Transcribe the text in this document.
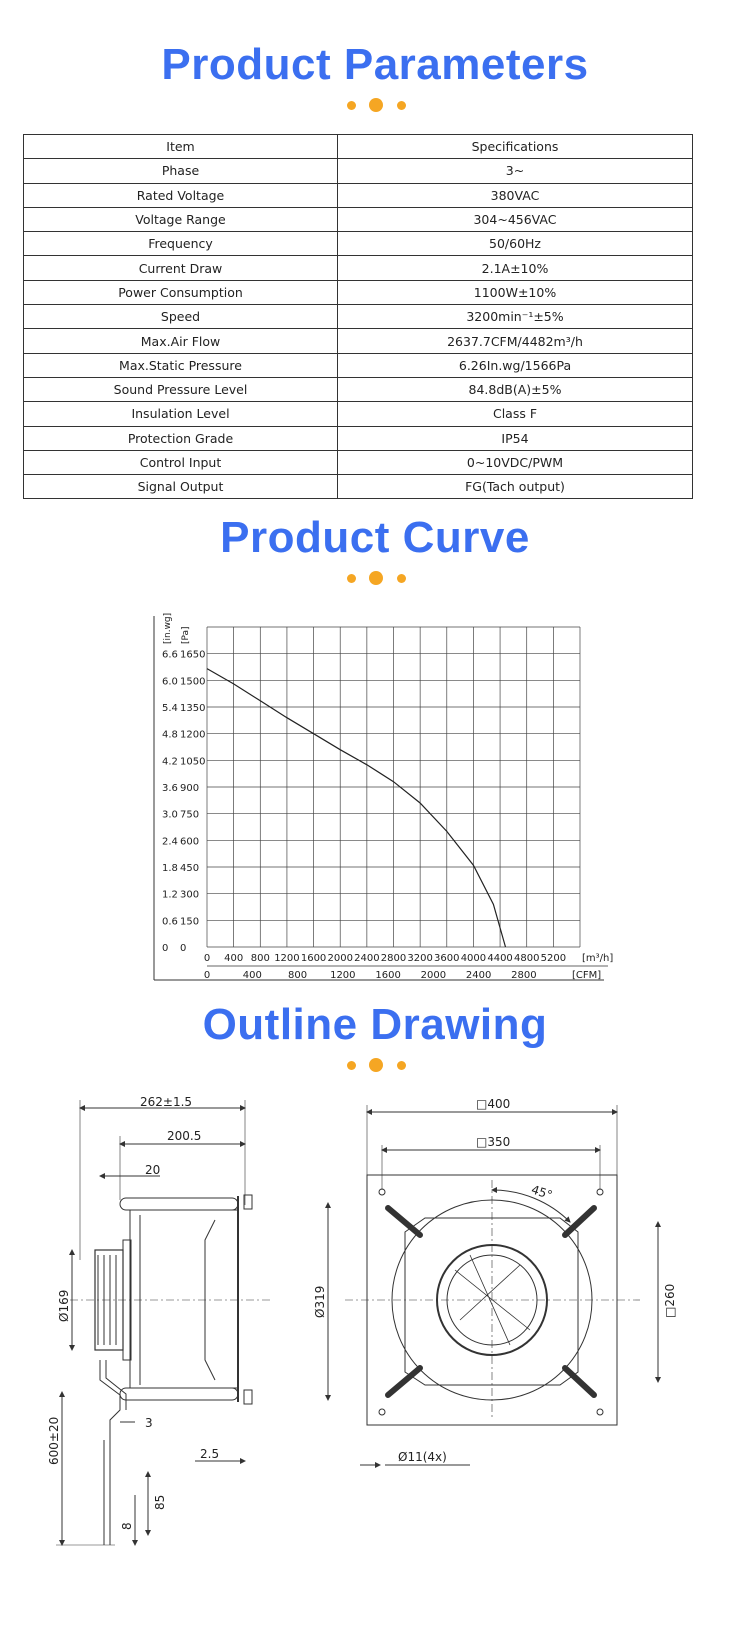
Product Parameters
Item	Specifications
Phase	3~
Rated Voltage	380VAC
Voltage Range	304~456VAC
Frequency	50/60Hz
Current Draw	2.1A±10%
Power Consumption	1100W±10%
Speed	3200min⁻¹±5%
Max.Air Flow	2637.7CFM/4482m³/h
Max.Static Pressure	6.26In.wg/1566Pa
Sound Pressure Level	84.8dB(A)±5%
Insulation Level	Class F
Protection Grade	IP54
Control Input	0~10VDC/PWM
Signal Output	FG(Tach output)
Product Curve
0 0
0.6 150
1.2 300
1.8 450
2.4 600
3.0 750
3.6 900
4.2 1050
4.8 1200
5.4 1350
6.0 1500
6.6 1650
[in.wg] [Pa]
0 400 800 1200 1600 2000 2400 2800 3200 3600 4000 4400 4800 5200 [m³/h]
0	400	800 1200 1600 2000 2400 2800	[CFM]
Outline Drawing
262±1.5
200.5
20
Ø169
600±20	3
2.5
85
8
□400
□350
45°
Ø319	□260
Ø11(4x)
